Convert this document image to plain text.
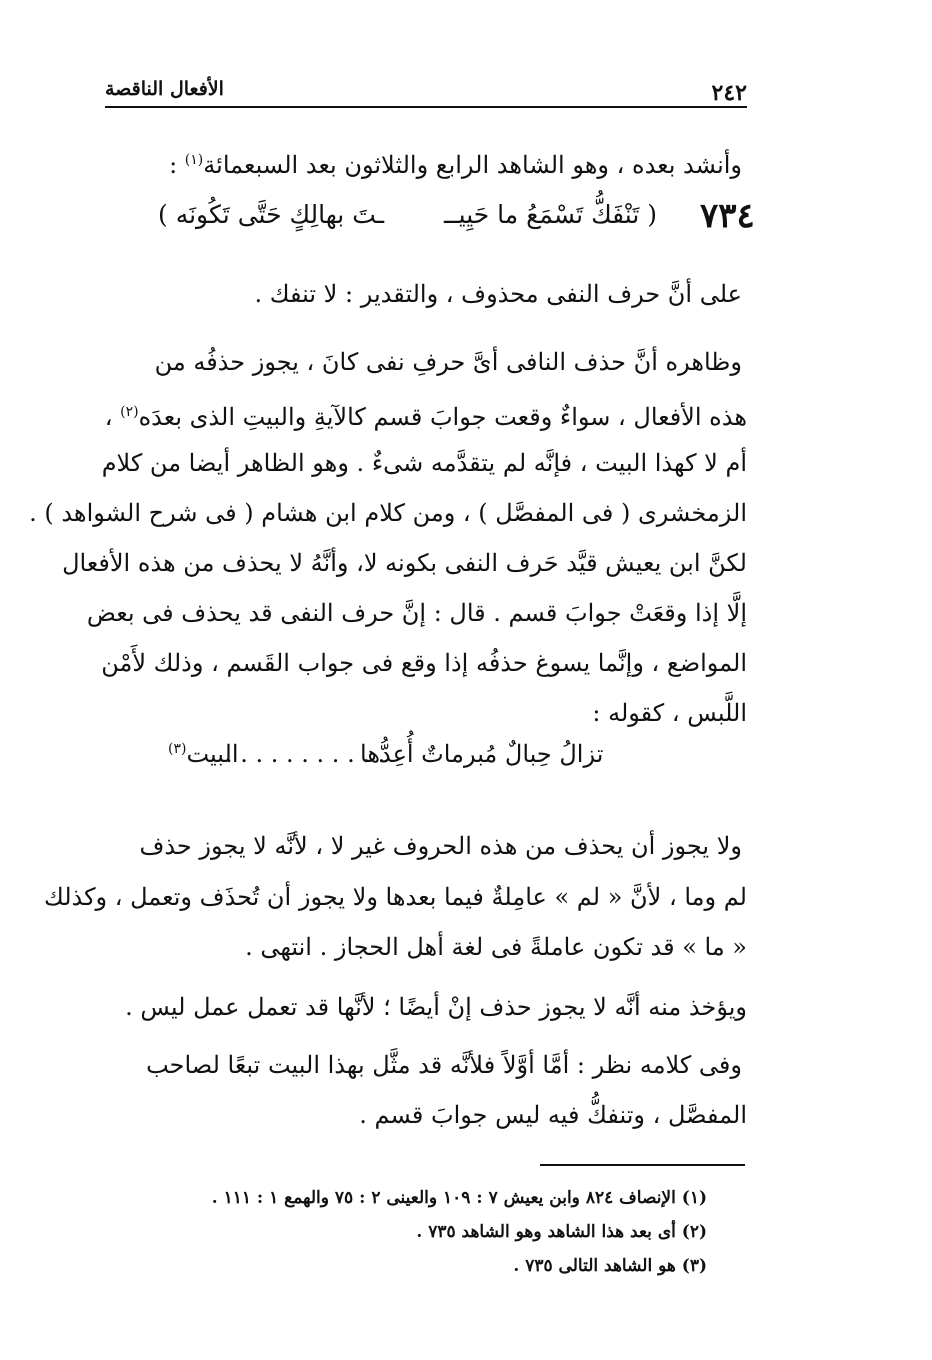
٢٤٢
الأفعال الناقصة
وأنشد بعده ، وهو الشاهد الرابع والثلاثون بعد السبعمائة$^{(١)}$ :
٧٣٤
( تَنْفَكُّ تَسْمَعُ ما حَيِيــ
ـتَ بهالِكٍ حَتَّى تَكُونَه )
على أنَّ حرف النفى محذوف ، والتقدير : لا تنفك .
وظاهره أنَّ حذف النافى أىَّ حرفِ نفى كانَ ، يجوز حذفُه من
هذه الأفعال ، سواءٌ وقعت جوابَ قسم كالآيةِ والبيتِ الذى بعدَه$^{(٢)}$ ،
أم لا كهذا البيت ، فإنَّه لم يتقدَّمه شىءٌ . وهو الظاهر أيضا من كلام
الزمخشرى ( فى المفصَّل ) ، ومن كلام ابن هشام ( فى شرح الشواهد ) .
لكنَّ ابن يعيش قيَّد حَرف النفى بكونه لا، وأنَّهُ لا يحذف من هذه الأفعال
إلَّا إذا وقعَتْ جوابَ قسم . قال : إنَّ حرف النفى قد يحذف فى بعض
المواضع ، وإنَّما يسوغ حذفُه إذا وقع فى جواب القَسم ، وذلك لأَمْن
اللَّبس ، كقوله :
تزالُ حِبالٌ مُبرماتٌ أُعِدُّها
. . . . . . . . . . .
البيت$^{(٣)}$
ولا يجوز أن يحذف من هذه الحروف غير لا ، لأنَّه لا يجوز حذف
لم وما ، لأنَّ « لم » عامِلةٌ فيما بعدها ولا يجوز أن تُحذَف وتعمل ، وكذلك
« ما » قد تكون عاملةً فى لغة أهل الحجاز . انتهى .
ويؤخذ منه أنَّه لا يجوز حذف إنْ أيضًا ؛ لأنَّها قد تعمل عمل ليس .
وفى كلامه نظر : أمَّا أوَّلاً فلأنَّه قد مثَّل بهذا البيت تبعًا لصاحب
المفصَّل ، وتنفكُّ فيه ليس جوابَ قسم .
(١) الإنصاف ٨٢٤ وابن يعيش ٧ : ١٠٩ والعينى ٢ : ٧٥ والهمع ١ : ١١١ .
(٢) أى بعد هذا الشاهد وهو الشاهد ٧٣٥ .
(٣) هو الشاهد التالى ٧٣٥ .
